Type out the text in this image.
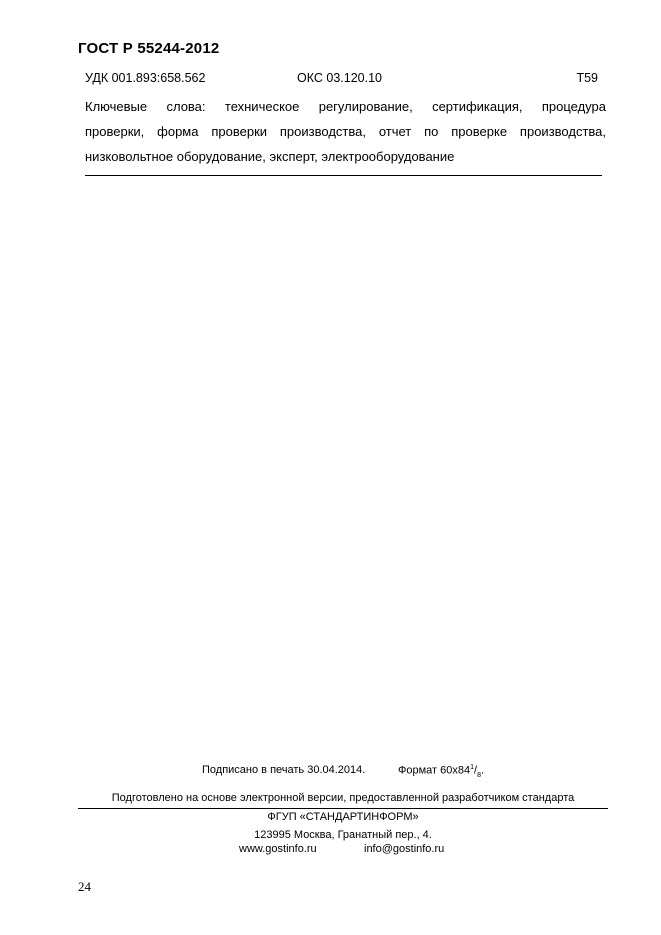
ГОСТ Р 55244-2012
УДК 001.893:658.562	ОКС 03.120.10	Т59

Ключевые слова: техническое регулирование, сертификация, процедура

проверки, форма проверки производства, отчет по проверке производства,

низковольтное оборудование, эксперт, электрооборудование

Подписано в печать 30.04.2014.	Формат $60х84^1/_8$.
Подготовлено на основе электронной версии, предоставленной разработчиком стандарта
ФГУП «СТАНДАРТИНФОРМ»
123995 Москва, Гранатный пер., 4.
www.gostinfo.ru	info@gostinfo.ru
24
